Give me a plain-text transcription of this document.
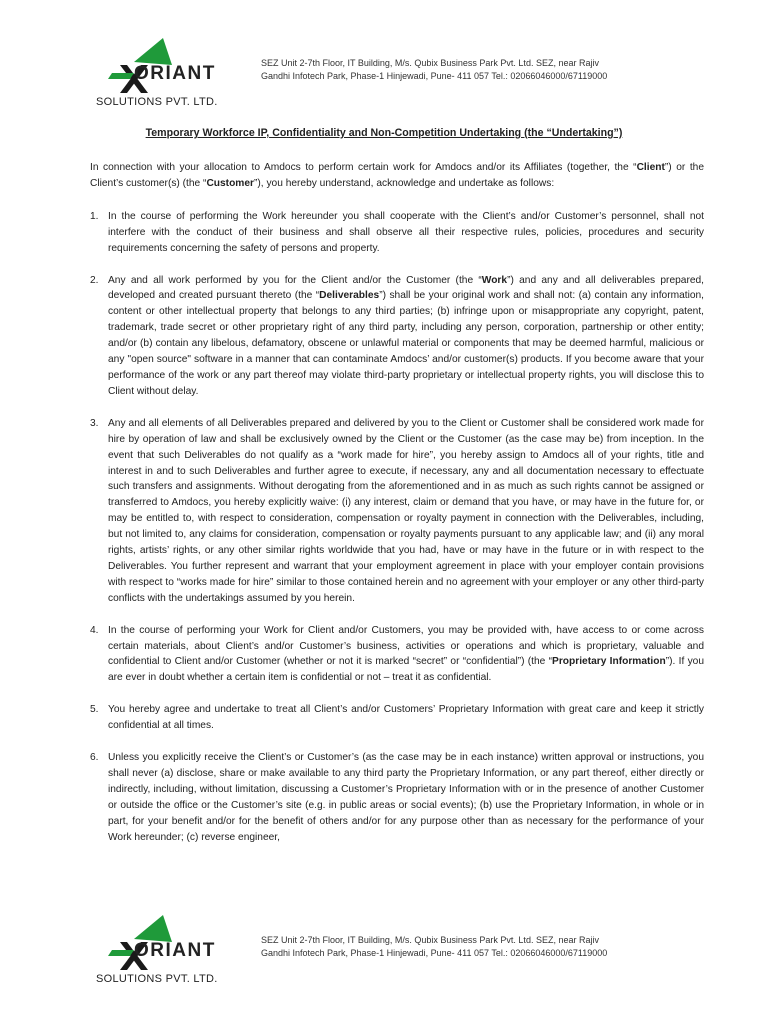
ORIANT
SOLUTIONS PVT. LTD.
SEZ Unit 2-7th Floor, IT Building, M/s. Qubix Business Park Pvt. Ltd. SEZ, near Rajiv
Gandhi Infotech Park, Phase-1 Hinjewadi, Pune- 411 057 Tel.: 02066046000/67119000
Temporary Workforce IP, Confidentiality and Non-Competition Undertaking (the “Undertaking”)

In connection with your allocation to Amdocs to perform certain work for Amdocs and/or its Affiliates (together, the “Client”) or the Client’s customer(s) (the “Customer”), you hereby understand, acknowledge and undertake as follows:

1. In the course of performing the Work hereunder you shall cooperate with the Client’s and/or Customer’s personnel, shall not interfere with the conduct of their business and shall observe all their respective rules, policies, procedures and security requirements concerning the safety of persons and property.
2. Any and all work performed by you for the Client and/or the Customer (the “Work”) and any and all deliverables prepared, developed and created pursuant thereto (the “Deliverables”) shall be your original work and shall not: (a) contain any information, content or other intellectual property that belongs to any third parties; (b) infringe upon or misappropriate any copyright, patent, trademark, trade secret or other proprietary right of any third party, including any person, corporation, partnership or other entity; and/or (b) contain any libelous, defamatory, obscene or unlawful material or components that may be deemed harmful, malicious or any "open source" software in a manner that can contaminate Amdocs’ and/or customer(s) products. If you become aware that your performance of the work or any part thereof may violate third-party proprietary or intellectual property rights, you will disclose this to Client without delay.
3. Any and all elements of all Deliverables prepared and delivered by you to the Client or Customer shall be considered work made for hire by operation of law and shall be exclusively owned by the Client or the Customer (as the case may be) from inception. In the event that such Deliverables do not qualify as a “work made for hire”, you hereby assign to Amdocs all of your rights, title and interest in and to such Deliverables and further agree to execute, if necessary, any and all documentation necessary to effectuate such transfers and assignments. Without derogating from the aforementioned and in as much as such rights cannot be assigned or transferred to Amdocs, you hereby explicitly waive: (i) any interest, claim or demand that you have, or may have in the future for, or may be entitled to, with respect to consideration, compensation or royalty payment in connection with the Deliverables, including, but not limited to, any claims for consideration, compensation or royalty payments pursuant to any applicable law; and (ii) any moral rights, artists’ rights, or any other similar rights worldwide that you had, have or may have in the future or in with respect to the Deliverables. You further represent and warrant that your employment agreement in place with your employer contain provisions with respect to “works made for hire” similar to those contained herein and no agreement with your employer or any other third-party conflicts with the undertakings assumed by you herein.
4. In the course of performing your Work for Client and/or Customers, you may be provided with, have access to or come across certain materials, about Client’s and/or Customer’s business, activities or operations and which is proprietary, valuable and confidential to Client and/or Customer (whether or not it is marked “secret” or “confidential”) (the “Proprietary Information”). If you are ever in doubt whether a certain item is confidential or not – treat it as confidential.
5. You hereby agree and undertake to treat all Client’s and/or Customers’ Proprietary Information with great care and keep it strictly confidential at all times.
6. Unless you explicitly receive the Client’s or Customer’s (as the case may be in each instance) written approval or instructions, you shall never (a) disclose, share or make available to any third party the Proprietary Information, or any part thereof, either directly or indirectly, including, without limitation, discussing a Customer’s Proprietary Information with or in the presence of another Customer or outside the office or the Customer’s site (e.g. in public areas or social events); (b) use the Proprietary Information, in whole or in part, for your benefit and/or for the benefit of others and/or for any purpose other than as necessary for the performance of your Work hereunder; (c) reverse engineer,
ORIANT
SOLUTIONS PVT. LTD.
SEZ Unit 2-7th Floor, IT Building, M/s. Qubix Business Park Pvt. Ltd. SEZ, near Rajiv
Gandhi Infotech Park, Phase-1 Hinjewadi, Pune- 411 057 Tel.: 02066046000/67119000
